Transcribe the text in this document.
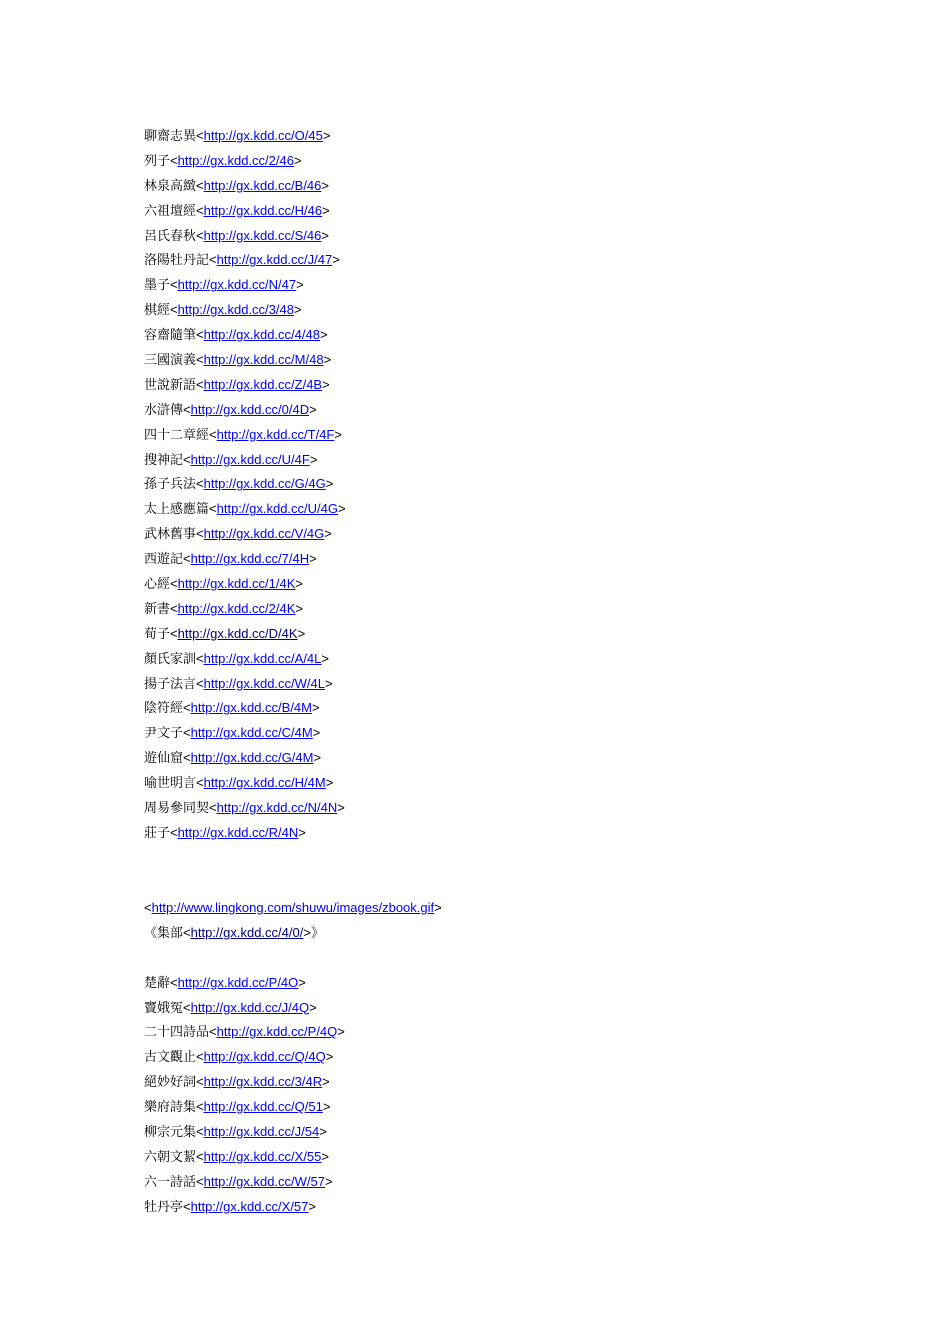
聊齋志異<http://gx.kdd.cc/O/45>
列子<http://gx.kdd.cc/2/46>
林泉高緻<http://gx.kdd.cc/B/46>
六祖壇經<http://gx.kdd.cc/H/46>
呂氏春秋<http://gx.kdd.cc/S/46>
洛陽牡丹記<http://gx.kdd.cc/J/47>
墨子<http://gx.kdd.cc/N/47>
棋經<http://gx.kdd.cc/3/48>
容齋隨筆<http://gx.kdd.cc/4/48>
三國演義<http://gx.kdd.cc/M/48>
世說新語<http://gx.kdd.cc/Z/4B>
水滸傳<http://gx.kdd.cc/0/4D>
四十二章經<http://gx.kdd.cc/T/4F>
搜神記<http://gx.kdd.cc/U/4F>
孫子兵法<http://gx.kdd.cc/G/4G>
太上感應篇<http://gx.kdd.cc/U/4G>
武林舊事<http://gx.kdd.cc/V/4G>
西遊記<http://gx.kdd.cc/7/4H>
心經<http://gx.kdd.cc/1/4K>
新書<http://gx.kdd.cc/2/4K>
荀子<http://gx.kdd.cc/D/4K>
顏氏家訓<http://gx.kdd.cc/A/4L>
揚子法言<http://gx.kdd.cc/W/4L>
陰符經<http://gx.kdd.cc/B/4M>
尹文子<http://gx.kdd.cc/C/4M>
遊仙窟<http://gx.kdd.cc/G/4M>
喻世明言<http://gx.kdd.cc/H/4M>
周易參同契<http://gx.kdd.cc/N/4N>
莊子<http://gx.kdd.cc/R/4N>
<http://www.lingkong.com/shuwu/images/zbook.gif>
《集部<http://gx.kdd.cc/4/0/>》
楚辭<http://gx.kdd.cc/P/4O>
竇娥冤<http://gx.kdd.cc/J/4Q>
二十四詩品<http://gx.kdd.cc/P/4Q>
古文觀止<http://gx.kdd.cc/Q/4Q>
絕妙好詞<http://gx.kdd.cc/3/4R>
樂府詩集<http://gx.kdd.cc/Q/51>
柳宗元集<http://gx.kdd.cc/J/54>
六朝文絜<http://gx.kdd.cc/X/55>
六一詩話<http://gx.kdd.cc/W/57>
牡丹亭<http://gx.kdd.cc/X/57>
